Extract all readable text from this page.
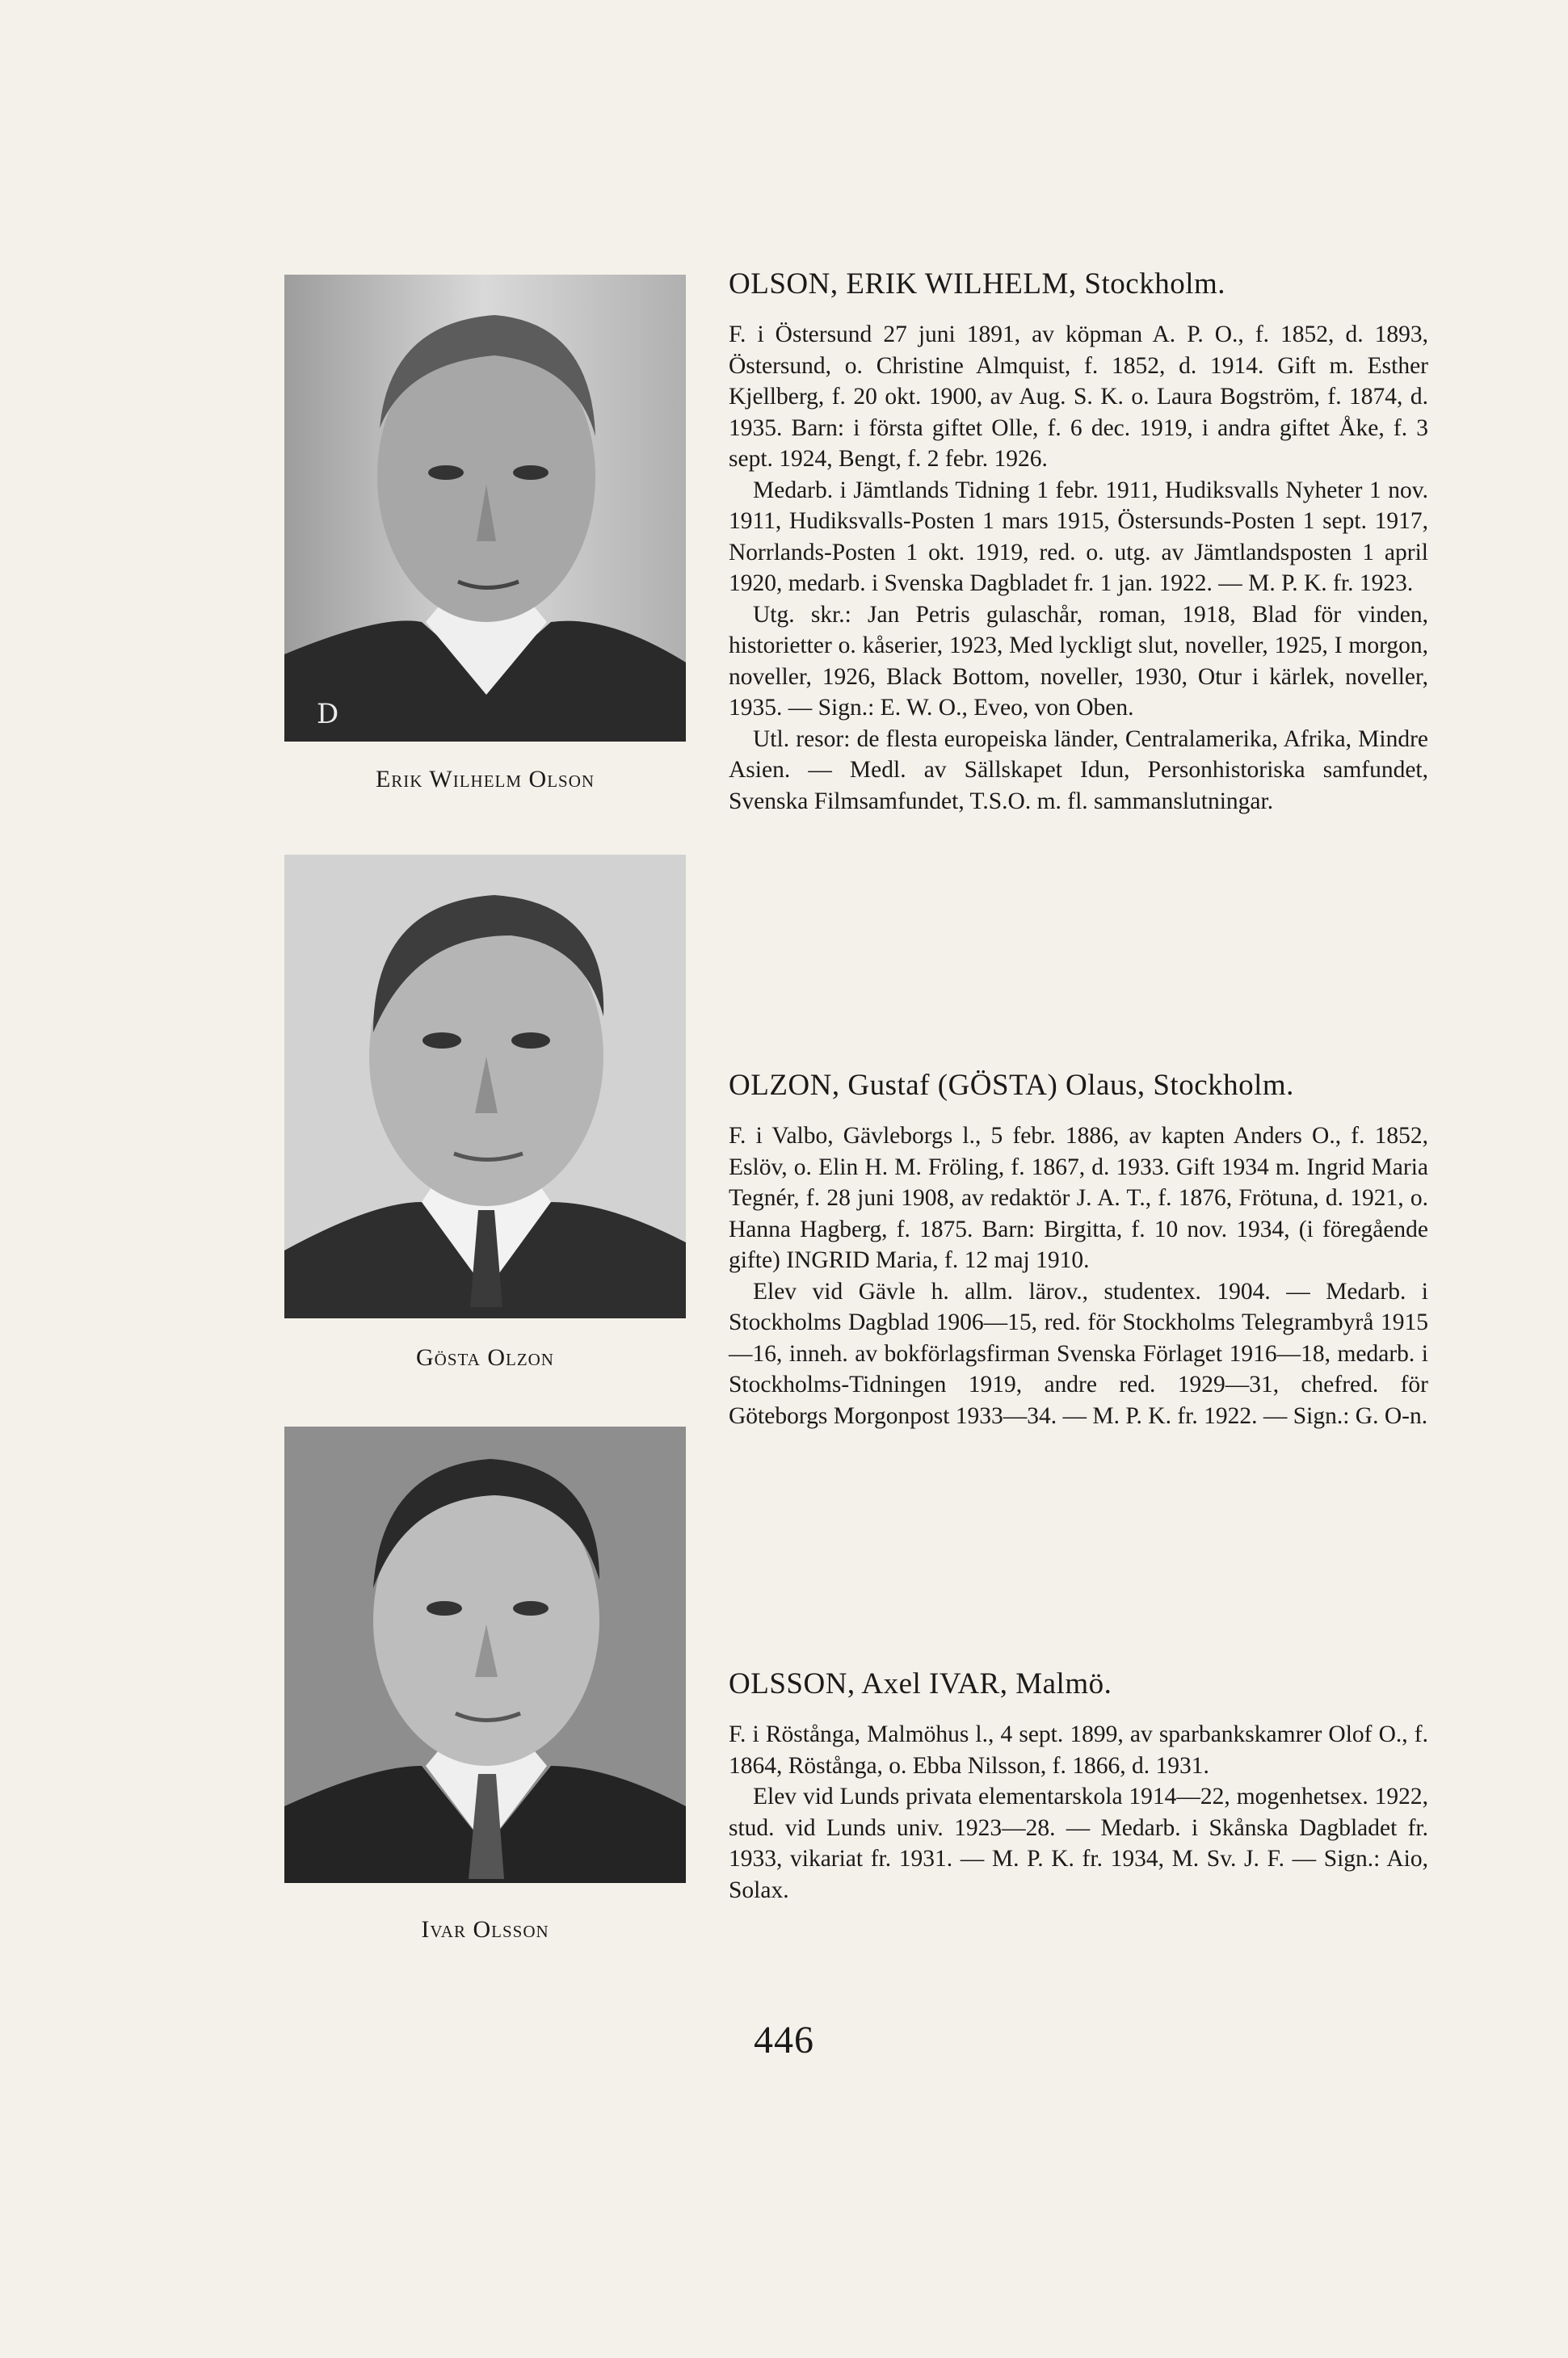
D
Erik Wilhelm Olson
Gösta Olzon
Ivar Olsson
OLSON, ERIK WILHELM, Stockholm.

F. i Östersund 27 juni 1891, av köpman A. P. O., f. 1852, d. 1893, Östersund, o. Christine Almquist, f. 1852, d. 1914. Gift m. Esther Kjellberg, f. 20 okt. 1900, av Aug. S. K. o. Laura Bogström, f. 1874, d. 1935. Barn: i första giftet Olle, f. 6 dec. 1919, i andra giftet Åke, f. 3 sept. 1924, Bengt, f. 2 febr. 1926.

Medarb. i Jämtlands Tidning 1 febr. 1911, Hudiksvalls Nyheter 1 nov. 1911, Hudiksvalls-Posten 1 mars 1915, Östersunds-Posten 1 sept. 1917, Norrlands-Posten 1 okt. 1919, red. o. utg. av Jämtlandsposten 1 april 1920, medarb. i Svenska Dagbladet fr. 1 jan. 1922. — M. P. K. fr. 1923.

Utg. skr.: Jan Petris gulaschår, roman, 1918, Blad för vinden, historietter o. kåserier, 1923, Med lyckligt slut, noveller, 1925, I morgon, noveller, 1926, Black Bottom, noveller, 1930, Otur i kärlek, noveller, 1935. — Sign.: E. W. O., Eveo, von Oben.

Utl. resor: de flesta europeiska länder, Centralamerika, Afrika, Mindre Asien. — Medl. av Sällskapet Idun, Personhistoriska samfundet, Svenska Filmsamfundet, T.S.O. m. fl. sammanslutningar.

OLZON, Gustaf (GÖSTA) Olaus, Stockholm.

F. i Valbo, Gävleborgs l., 5 febr. 1886, av kapten Anders O., f. 1852, Eslöv, o. Elin H. M. Fröling, f. 1867, d. 1933. Gift 1934 m. Ingrid Maria Tegnér, f. 28 juni 1908, av redaktör J. A. T., f. 1876, Frötuna, d. 1921, o. Hanna Hagberg, f. 1875. Barn: Birgitta, f. 10 nov. 1934, (i föregående gifte) INGRID Maria, f. 12 maj 1910.

Elev vid Gävle h. allm. lärov., studentex. 1904. — Medarb. i Stockholms Dagblad 1906—15, red. för Stockholms Telegrambyrå 1915—16, inneh. av bokförlagsfirman Svenska Förlaget 1916—18, medarb. i Stockholms-Tidningen 1919, andre red. 1929—31, chefred. för Göteborgs Morgonpost 1933—34. — M. P. K. fr. 1922. — Sign.: G. O-n.

OLSSON, Axel IVAR, Malmö.

F. i Röstånga, Malmöhus l., 4 sept. 1899, av sparbankskamrer Olof O., f. 1864, Röstånga, o. Ebba Nilsson, f. 1866, d. 1931.

Elev vid Lunds privata elementarskola 1914—22, mogenhetsex. 1922, stud. vid Lunds univ. 1923—28. — Medarb. i Skånska Dagbladet fr. 1933, vikariat fr. 1931. — M. P. K. fr. 1934, M. Sv. J. F. — Sign.: Aio, Solax.

446
